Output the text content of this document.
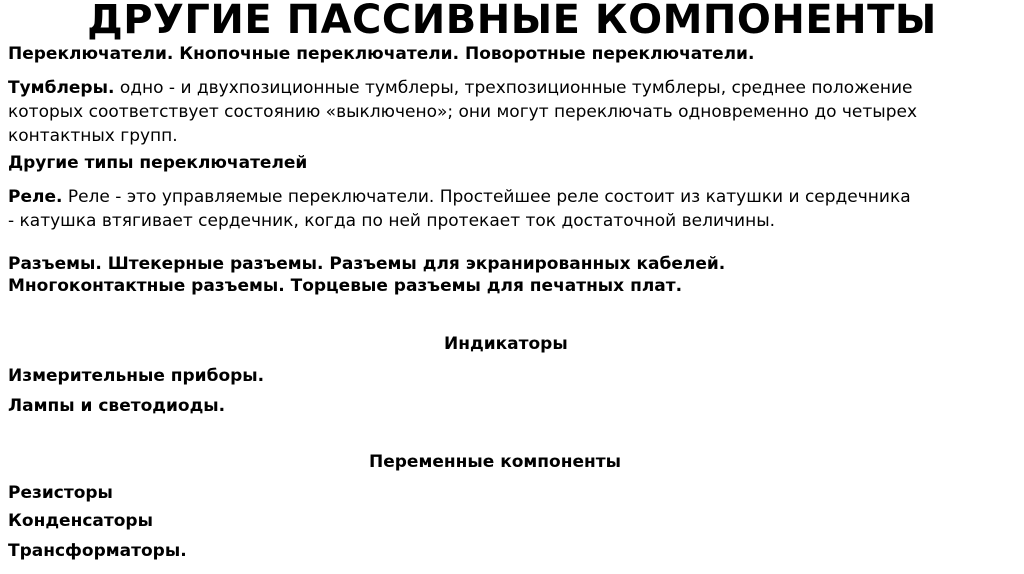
ДРУГИЕ ПАССИВНЫЕ КОМПОНЕНТЫ
Переключатели. Кнопочные переключатели. Поворотные переключатели.
Тумблеры. одно - и двухпозиционные тумблеры, трехпозиционные тумблеры, среднее положение
которых соответствует состоянию «выключено»; они могут переключать одновременно до четырех
контактных групп.
Другие типы переключателей
Реле. Реле - это управляемые переключатели. Простейшее реле состоит из катушки и сердечника
- катушка втягивает сердечник, когда по ней протекает ток достаточной величины.
Разъемы. Штекерные разъемы. Разъемы для экранированных кабелей.
Многоконтактные разъемы. Торцевые разъемы для печатных плат.
Индикаторы
Измерительные приборы.
Лампы и светодиоды.
Переменные компоненты
Резисторы
Конденсаторы
Трансформаторы.
